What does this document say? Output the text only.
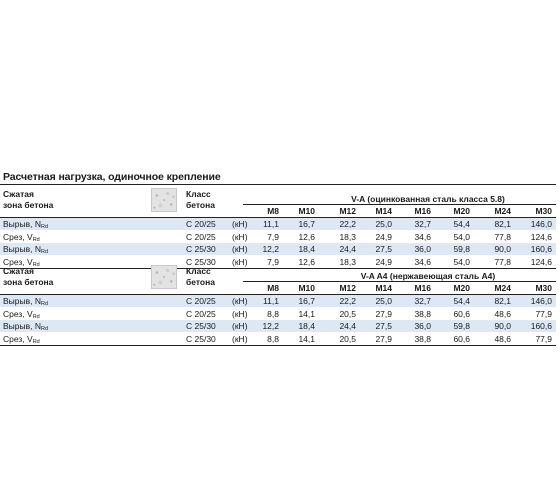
Расчетная нагрузка, одиночное крепление
Сжатая
зона бетона
Класс
бетона
V-A (оцинкованная сталь класса 5.8)
M8	M10	M12	M14	M16	M20	M24	M30
Вырыв, $N_{Rd}$	C 20/25 (кН)	11,1	16,7	22,2	25,0	32,7	54,4	82,1	146,0
Срез, $V_{Rd}$	C 20/25 (кН)	7,9	12,6	18,3	24,9	34,6	54,0	77,8	124,6
Вырыв, $N_{Rd}$	C 25/30 (кН)	12,2	18,4	24,4	27,5	36,0	59,8	90,0	160,6
Срез, $V_{Rd}$	C 25/30 (кН)	7,9	12,6	18,3	24,9	34,6	54,0	77,8	124,6
Сжатая
зона бетона
Класс
бетона
V-A A4 (нержавеющая сталь А4)
M8	M10	M12	M14	M16	M20	M24	M30
Вырыв, $N_{Rd}$	C 20/25 (кН)	11,1	16,7	22,2	25,0	32,7	54,4	82,1	146,0
Срез, $V_{Rd}$	C 20/25 (кН)	8,8	14,1	20,5	27,9	38,8	60,6	48,6	77,9
Вырыв, $N_{Rd}$	C 25/30 (кН)	12,2	18,4	24,4	27,5	36,0	59,8	90,0	160,6
Срез, $V_{Rd}$	C 25/30 (кН)	8,8	14,1	20,5	27,9	38,8	60,6	48,6	77,9
